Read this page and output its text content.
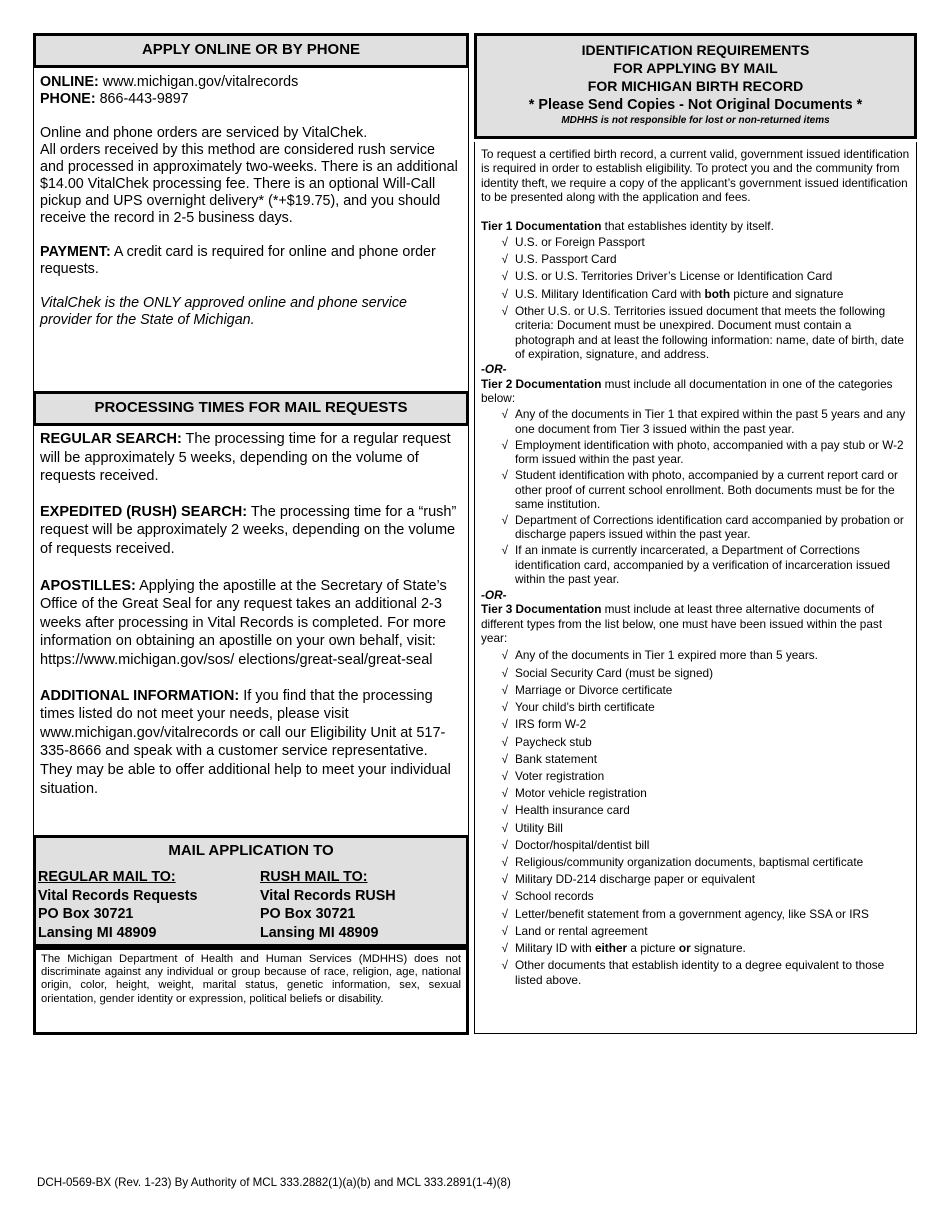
APPLY ONLINE OR BY PHONE

ONLINE: www.michigan.gov/vitalrecords

PHONE: 866-443-9897

Online and phone orders are serviced by VitalChek.

All orders received by this method are considered rush service and processed in approximately two-weeks. There is an additional $14.00 VitalChek processing fee. There is an optional Will-Call pickup and UPS overnight delivery* (*+$19.75), and you should receive the record in 2-5 business days.

PAYMENT: A credit card is required for online and phone order requests.

VitalChek is the ONLY approved online and phone service provider for the State of Michigan.

PROCESSING TIMES FOR MAIL REQUESTS

REGULAR SEARCH: The processing time for a regular request will be approximately 5 weeks, depending on the volume of requests received.

EXPEDITED (RUSH) SEARCH: The processing time for a “rush” request will be approximately 2 weeks, depending on the volume of requests received.

APOSTILLES: Applying the apostille at the Secretary of State’s Office of the Great Seal for any request takes an additional 2-3 weeks after processing in Vital Records is completed. For more information on obtaining an apostille on your own behalf, visit: https://www.michigan.gov/sos/ elections/great-seal/great-seal

ADDITIONAL INFORMATION: If you find that the processing times listed do not meet your needs, please visit www.michigan.gov/vitalrecords or call our Eligibility Unit at 517-335-8666 and speak with a customer service representative. They may be able to offer additional help to meet your individual situation.

MAIL APPLICATION TO
REGULAR MAIL TO:
Vital Records Requests
PO Box 30721
Lansing MI 48909
RUSH MAIL TO:
Vital Records RUSH
PO Box 30721
Lansing MI 48909
The Michigan Department of Health and Human Services (MDHHS) does not discriminate against any individual or group because of race, religion, age, national origin, color, height, weight, marital status, genetic information, sex, sexual orientation, gender identity or expression, political beliefs or disability.
IDENTIFICATION REQUIREMENTS
FOR APPLYING BY MAIL
FOR MICHIGAN BIRTH RECORD
* Please Send Copies - Not Original Documents *
MDHHS is not responsible for lost or non-returned items

To request a certified birth record, a current valid, government issued identification is required in order to establish eligibility. To protect you and the community from identity theft, we require a copy of the applicant’s government issued identification to be presented along with the application and fees.

Tier 1 Documentation that establishes identity by itself.

√ U.S. or Foreign Passport
√ U.S. Passport Card
√ U.S. or U.S. Territories Driver’s License or Identification Card
√ U.S. Military Identification Card with both picture and signature
√ Other U.S. or U.S. Territories issued document that meets the following criteria: Document must be unexpired. Document must contain a photograph and at least the following information: name, date of birth, date of expiration, signature, and address.

-OR-

Tier 2 Documentation must include all documentation in one of the categories below:

√ Any of the documents in Tier 1 that expired within the past 5 years and any one document from Tier 3 issued within the past year.
√ Employment identification with photo, accompanied with a pay stub or W-2 form issued within the past year.
√ Student identification with photo, accompanied by a current report card or other proof of current school enrollment. Both documents must be for the same institution.
√ Department of Corrections identification card accompanied by probation or discharge papers issued within the past year.
√ If an inmate is currently incarcerated, a Department of Corrections identification card, accompanied by a verification of incarceration issued within the past year.

-OR-

Tier 3 Documentation must include at least three alternative documents of different types from the list below, one must have been issued within the past year:

√ Any of the documents in Tier 1 expired more than 5 years.
√ Social Security Card (must be signed)
√ Marriage or Divorce certificate
√ Your child’s birth certificate
√ IRS form W-2
√ Paycheck stub
√ Bank statement
√ Voter registration
√ Motor vehicle registration
√ Health insurance card
√ Utility Bill
√ Doctor/hospital/dentist bill
√ Religious/community organization documents, baptismal certificate
√ Military DD-214 discharge paper or equivalent
√ School records
√ Letter/benefit statement from a government agency, like SSA or IRS
√ Land or rental agreement
√ Military ID with either a picture or signature.
√ Other documents that establish identity to a degree equivalent to those listed above.
DCH-0569-BX (Rev. 1-23) By Authority of MCL 333.2882(1)(a)(b) and MCL 333.2891(1-4)(8)
